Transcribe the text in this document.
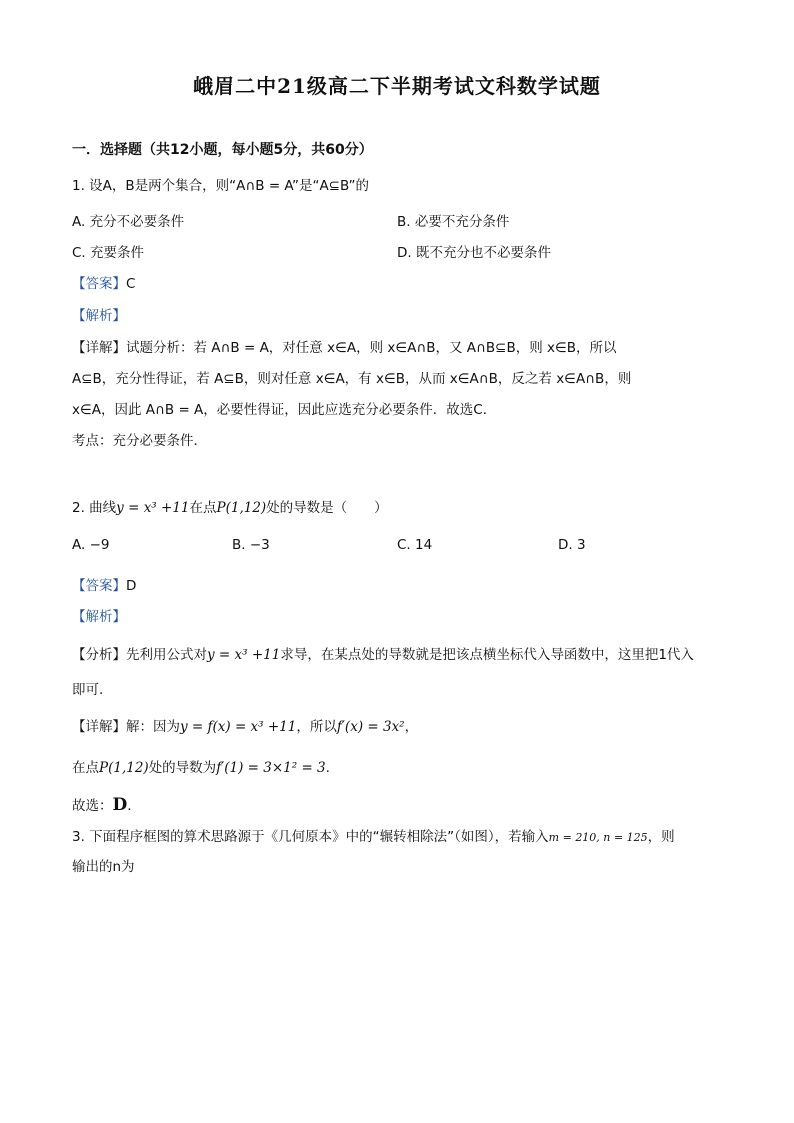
峨眉二中21级高二下半期考试文科数学试题
一．选择题（共12小题，每小题5分，共60分）
1. 设A，B是两个集合，则“A∩B = A”是“A⊆B”的
A. 充分不必要条件	B. 必要不充分条件
C. 充要条件	D. 既不充分也不必要条件
【答案】C
【解析】
【详解】试题分析：若 A∩B = A，对任意 x∈A，则 x∈A∩B，又 A∩B⊆B，则 x∈B，所以
A⊆B，充分性得证，若 A⊆B，则对任意 x∈A，有 x∈B，从而 x∈A∩B，反之若 x∈A∩B，则
x∈A，因此 A∩B = A，必要性得证，因此应选充分必要条件．故选C．
考点：充分必要条件．
2. 曲线y = x³ +11在点P(1,12)处的导数是（　　）
A. −9	B. −3	C. 14	D. 3
【答案】D
【解析】
【分析】先利用公式对y = x³ +11求导，在某点处的导数就是把该点横坐标代入导函数中，这里把1代入
即可.
【详解】解：因为y = f(x) = x³ +11，所以f′(x) = 3x²，
在点P(1,12)处的导数为f′(1) = 3×1² = 3.
故选：D.
3. 下面程序框图的算术思路源于《几何原本》中的“辗转相除法”（如图），若输入m = 210, n = 125，则
输出的n为
